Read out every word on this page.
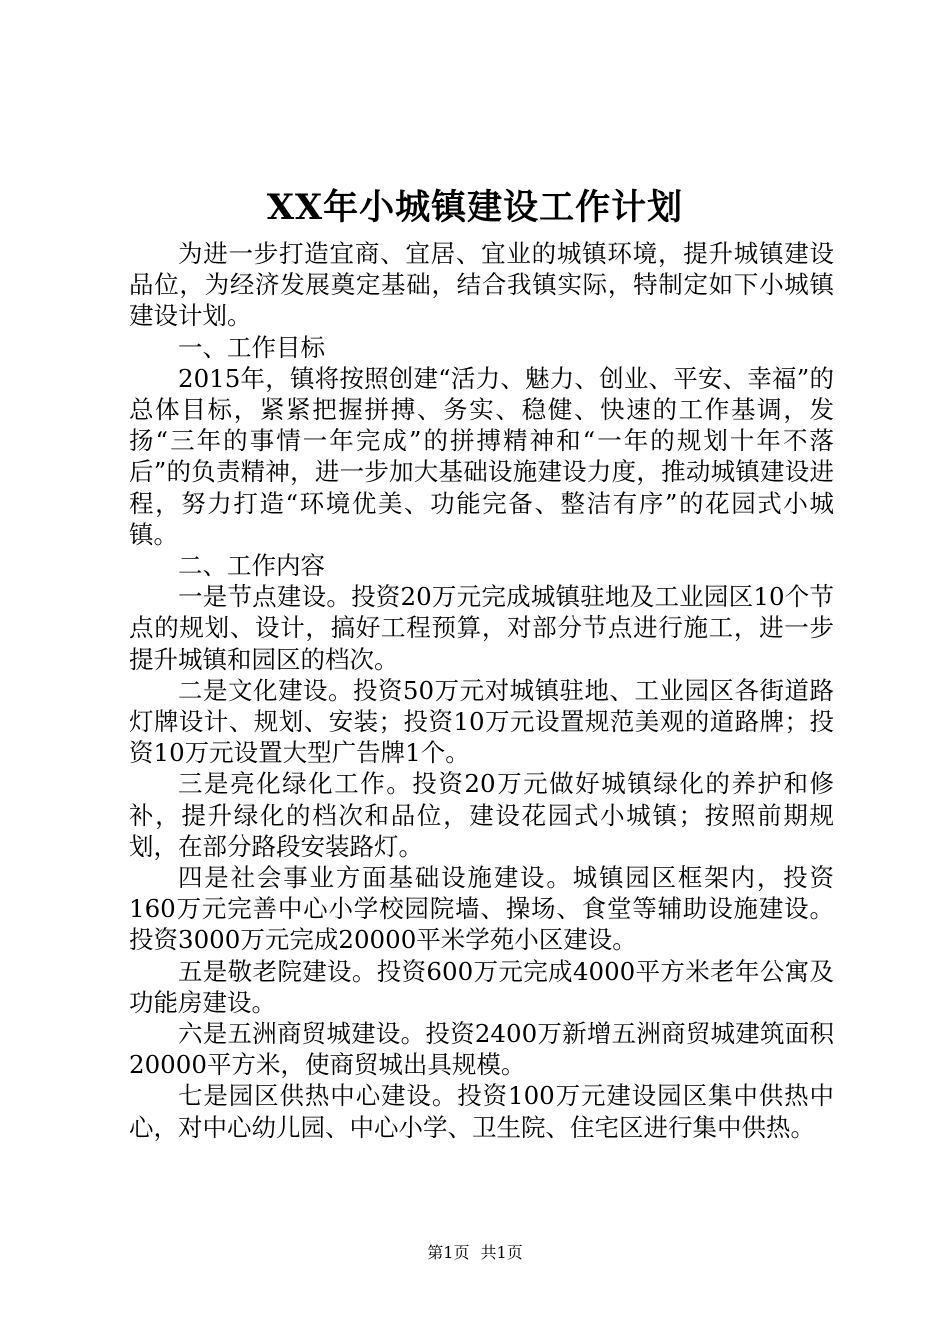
XX年小城镇建设工作计划

为进一步打造宜商、宜居、宜业的城镇环境，提升城镇建设品位，为经济发展奠定基础，结合我镇实际，特制定如下小城镇建设计划。

一、工作目标

2015年，镇将按照创建“活力、魅力、创业、平安、幸福”的总体目标，紧紧把握拼搏、务实、稳健、快速的工作基调，发扬“三年的事情一年完成”的拼搏精神和“一年的规划十年不落后”的负责精神，进一步加大基础设施建设力度，推动城镇建设进程，努力打造“环境优美、功能完备、整洁有序”的花园式小城镇。

二、工作内容

一是节点建设。投资20万元完成城镇驻地及工业园区10个节点的规划、设计，搞好工程预算，对部分节点进行施工，进一步提升城镇和园区的档次。

二是文化建设。投资50万元对城镇驻地、工业园区各街道路灯牌设计、规划、安装；投资10万元设置规范美观的道路牌；投资10万元设置大型广告牌1个。

三是亮化绿化工作。投资20万元做好城镇绿化的养护和修补，提升绿化的档次和品位，建设花园式小城镇；按照前期规划，在部分路段安装路灯。

四是社会事业方面基础设施建设。城镇园区框架内，投资160万元完善中心小学校园院墙、操场、食堂等辅助设施建设。投资3000万元完成20000平米学苑小区建设。

五是敬老院建设。投资600万元完成4000平方米老年公寓及功能房建设。

六是五洲商贸城建设。投资2400万新增五洲商贸城建筑面积20000平方米，使商贸城出具规模。

七是园区供热中心建设。投资100万元建设园区集中供热中心，对中心幼儿园、中心小学、卫生院、住宅区进行集中供热。

第1页 共1页
